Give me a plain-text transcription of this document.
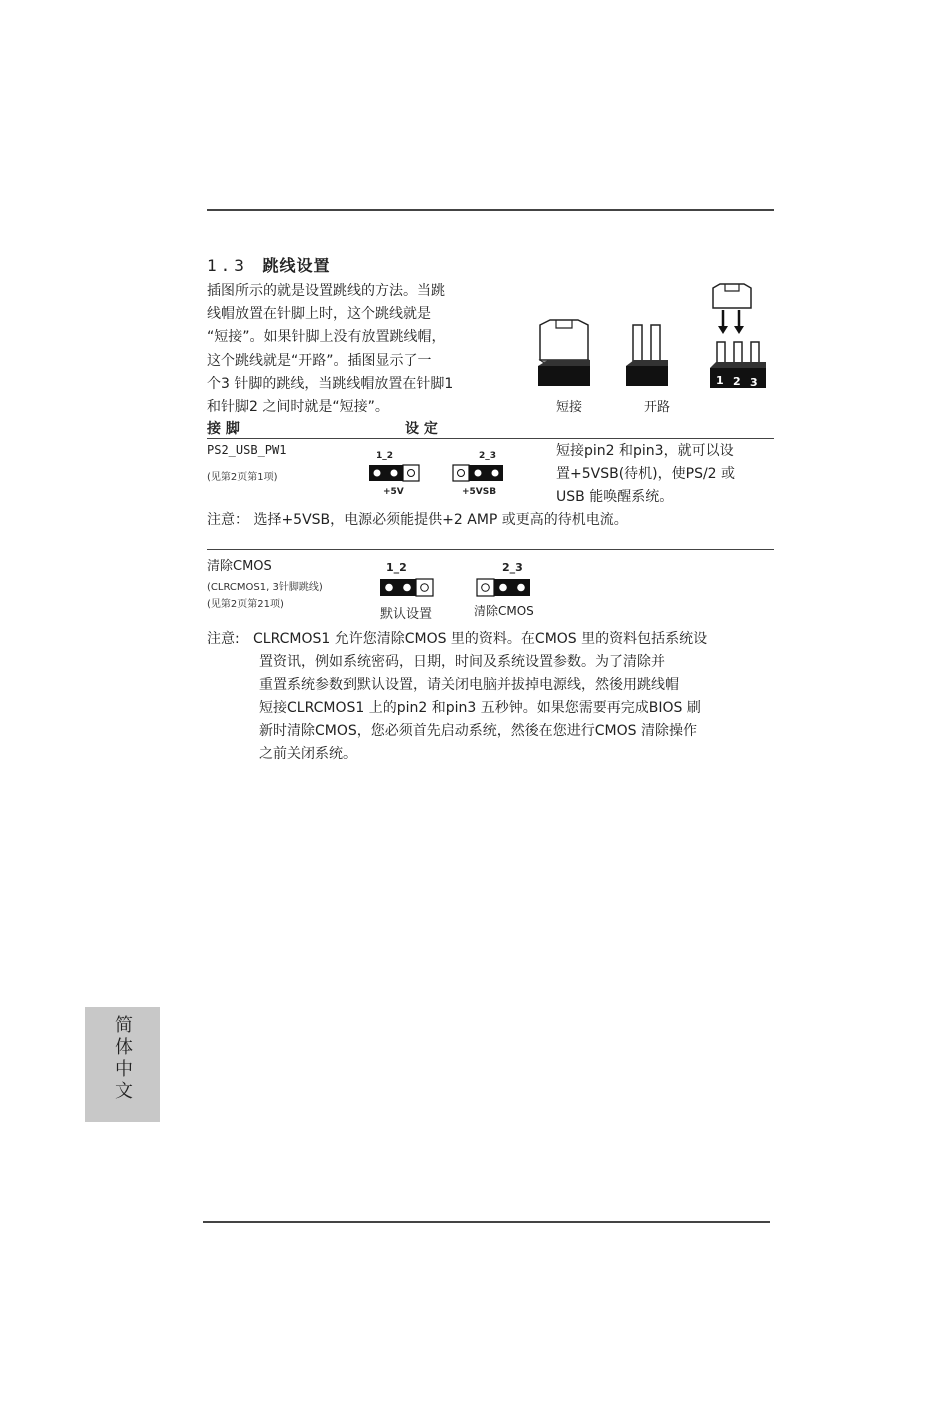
1.3 跳线设置
插图所示的就是设置跳线的方法。当跳
线帽放置在针脚上时，这个跳线就是
“短接”。如果针脚上没有放置跳线帽，
这个跳线就是“开路”。插图显示了一
个3 针脚的跳线，当跳线帽放置在针脚1
和针脚2 之间时就是“短接”。
1 2 3
短接	开路
接 脚	设 定
PS2_USB_PW1
(见第2页第1项)
1_2
+5V
2_3
+5VSB
短接pin2 和pin3，就可以设
置+5VSB(待机)，使PS/2 或
USB 能唤醒系统。
注意： 选择+5VSB，电源必须能提供+2 AMP 或更高的待机电流。
清除CMOS
(CLRCMOS1, 3针脚跳线)
(见第2页第21项)
1_2
默认设置
2_3
清除CMOS
注意: CLRCMOS1 允许您清除CMOS 里的资料。在CMOS 里的资料包括系统设
置资讯，例如系统密码，日期，时间及系统设置参数。为了清除并
重置系统参数到默认设置，请关闭电脑并拔掉电源线，然後用跳线帽
短接CLRCMOS1 上的pin2 和pin3 五秒钟。如果您需要再完成BIOS 刷
新时清除CMOS，您必须首先启动系统，然後在您进行CMOS 清除操作
之前关闭系统。
简体中文
